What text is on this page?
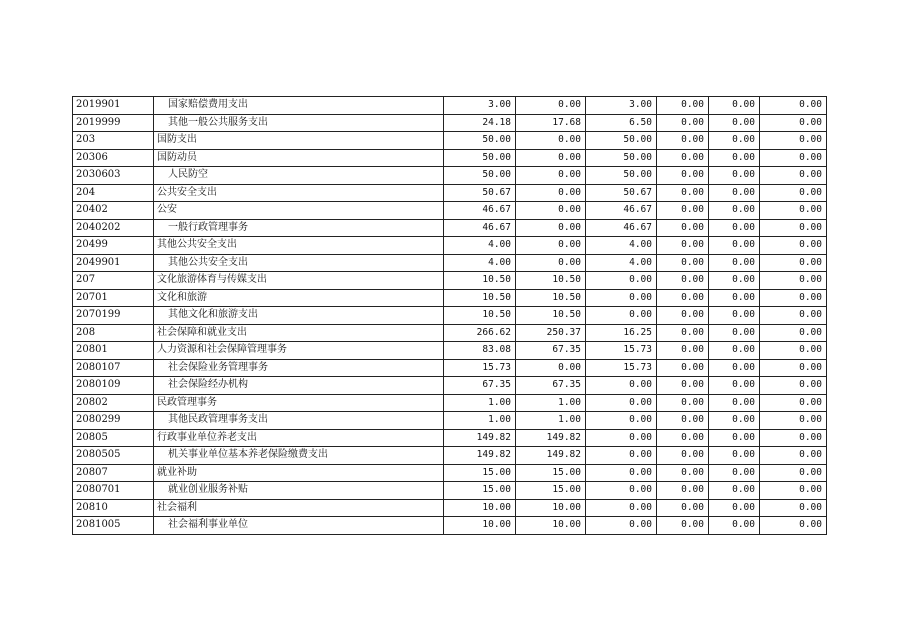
2019901	国家赔偿费用支出	3.00	0.00	3.00	0.00	0.00	0.00
2019999	其他一般公共服务支出	24.18	17.68	6.50	0.00	0.00	0.00
203	国防支出	50.00	0.00	50.00	0.00	0.00	0.00
20306	国防动员	50.00	0.00	50.00	0.00	0.00	0.00
2030603	人民防空	50.00	0.00	50.00	0.00	0.00	0.00
204	公共安全支出	50.67	0.00	50.67	0.00	0.00	0.00
20402	公安	46.67	0.00	46.67	0.00	0.00	0.00
2040202	一般行政管理事务	46.67	0.00	46.67	0.00	0.00	0.00
20499	其他公共安全支出	4.00	0.00	4.00	0.00	0.00	0.00
2049901	其他公共安全支出	4.00	0.00	4.00	0.00	0.00	0.00
207	文化旅游体育与传媒支出	10.50	10.50	0.00	0.00	0.00	0.00
20701	文化和旅游	10.50	10.50	0.00	0.00	0.00	0.00
2070199	其他文化和旅游支出	10.50	10.50	0.00	0.00	0.00	0.00
208	社会保障和就业支出	266.62	250.37	16.25	0.00	0.00	0.00
20801	人力资源和社会保障管理事务	83.08	67.35	15.73	0.00	0.00	0.00
2080107	社会保险业务管理事务	15.73	0.00	15.73	0.00	0.00	0.00
2080109	社会保险经办机构	67.35	67.35	0.00	0.00	0.00	0.00
20802	民政管理事务	1.00	1.00	0.00	0.00	0.00	0.00
2080299	其他民政管理事务支出	1.00	1.00	0.00	0.00	0.00	0.00
20805	行政事业单位养老支出	149.82	149.82	0.00	0.00	0.00	0.00
2080505	机关事业单位基本养老保险缴费支出	149.82	149.82	0.00	0.00	0.00	0.00
20807	就业补助	15.00	15.00	0.00	0.00	0.00	0.00
2080701	就业创业服务补贴	15.00	15.00	0.00	0.00	0.00	0.00
20810	社会福利	10.00	10.00	0.00	0.00	0.00	0.00
2081005	社会福利事业单位	10.00	10.00	0.00	0.00	0.00	0.00
